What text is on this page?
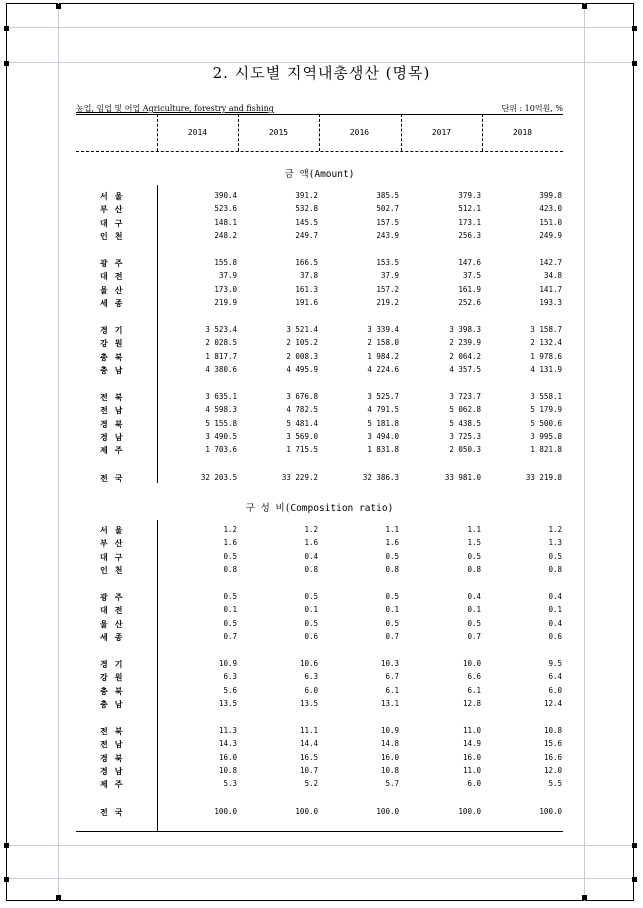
2. 시도별 지역내총생산 (명목)
농업, 임업 및 어업 Agriculture, forestry and fishing	단위 : 10억원, %
2014	2015	2016	2017	2018
금 액(Amount)
서울	390.4	391.2	385.5	379.3	399.8
부산	523.6	532.8	502.7	512.1	423.0
대구	148.1	145.5	157.5	173.1	151.0
인천	248.2	249.7	243.9	256.3	249.9
광주	155.8	166.5	153.5	147.6	142.7
대전	37.9	37.8	37.9	37.5	34.8
울산	173.0	161.3	157.2	161.9	141.7
세종	219.9	191.6	219.2	252.6	193.3
경기	3 523.4	3 521.4	3 339.4	3 398.3	3 158.7
강원	2 028.5	2 105.2	2 158.0	2 239.9	2 132.4
충북	1 817.7	2 008.3	1 984.2	2 064.2	1 978.6
충남	4 380.6	4 495.9	4 224.6	4 357.5	4 131.9
전북	3 635.1	3 676.8	3 525.7	3 723.7	3 558.1
전남	4 598.3	4 782.5	4 791.5	5 062.8	5 179.9
경북	5 155.8	5 481.4	5 181.8	5 438.5	5 500.6
경남	3 490.5	3 569.0	3 494.0	3 725.3	3 995.8
제주	1 703.6	1 715.5	1 831.8	2 050.3	1 821.8
전국	32 203.5	33 229.2	32 386.3	33 981.0	33 219.8
구 성 비(Composition ratio)
서울	1.2	1.2	1.1	1.1	1.2
부산	1.6	1.6	1.6	1.5	1.3
대구	0.5	0.4	0.5	0.5	0.5
인천	0.8	0.8	0.8	0.8	0.8
광주	0.5	0.5	0.5	0.4	0.4
대전	0.1	0.1	0.1	0.1	0.1
울산	0.5	0.5	0.5	0.5	0.4
세종	0.7	0.6	0.7	0.7	0.6
경기	10.9	10.6	10.3	10.0	9.5
강원	6.3	6.3	6.7	6.6	6.4
충북	5.6	6.0	6.1	6.1	6.0
충남	13.5	13.5	13.1	12.8	12.4
전북	11.3	11.1	10.9	11.0	10.8
전남	14.3	14.4	14.8	14.9	15.6
경북	16.0	16.5	16.0	16.0	16.6
경남	10.8	10.7	10.8	11.0	12.0
제주	5.3	5.2	5.7	6.0	5.5
전국	100.0	100.0	100.0	100.0	100.0
